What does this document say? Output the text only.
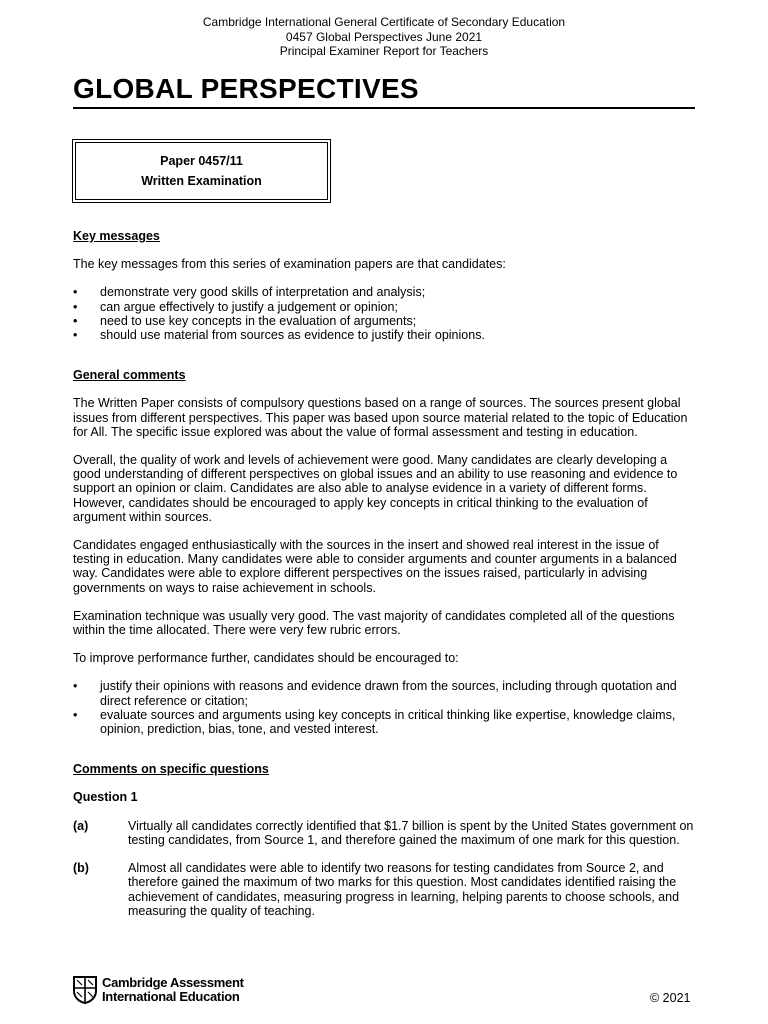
Cambridge International General Certificate of Secondary Education
0457 Global Perspectives June 2021
Principal Examiner Report for Teachers
GLOBAL PERSPECTIVES
Paper 0457/11
Written Examination
Key messages

The key messages from this series of examination papers are that candidates:

• demonstrate very good skills of interpretation and analysis;
• can argue effectively to justify a judgement or opinion;
• need to use key concepts in the evaluation of arguments;
• should use material from sources as evidence to justify their opinions.
General comments

The Written Paper consists of compulsory questions based on a range of sources. The sources present global issues from different perspectives. This paper was based upon source material related to the topic of Education for All. The specific issue explored was about the value of formal assessment and testing in education.

Overall, the quality of work and levels of achievement were good. Many candidates are clearly developing a good understanding of different perspectives on global issues and an ability to use reasoning and evidence to support an opinion or claim. Candidates are also able to analyse evidence in a variety of different forms. However, candidates should be encouraged to apply key concepts in critical thinking to the evaluation of argument within sources.

Candidates engaged enthusiastically with the sources in the insert and showed real interest in the issue of testing in education. Many candidates were able to consider arguments and counter arguments in a balanced way. Candidates were able to explore different perspectives on the issues raised, particularly in advising governments on ways to raise achievement in schools.

Examination technique was usually very good. The vast majority of candidates completed all of the questions within the time allocated. There were very few rubric errors.

To improve performance further, candidates should be encouraged to:

• justify their opinions with reasons and evidence drawn from the sources, including through quotation and direct reference or citation;
• evaluate sources and arguments using key concepts in critical thinking like expertise, knowledge claims, opinion, prediction, bias, tone, and vested interest.
Comments on specific questions
Question 1
(a)	Virtually all candidates correctly identified that $1.7 billion is spent by the United States government on testing candidates, from Source 1, and therefore gained the maximum of one mark for this question.
(b)	Almost all candidates were able to identify two reasons for testing candidates from Source 2, and therefore gained the maximum of two marks for this question. Most candidates identified raising the achievement of candidates, measuring progress in learning, helping parents to choose schools, and measuring the quality of teaching.
Cambridge Assessment
International Education	© 2021
